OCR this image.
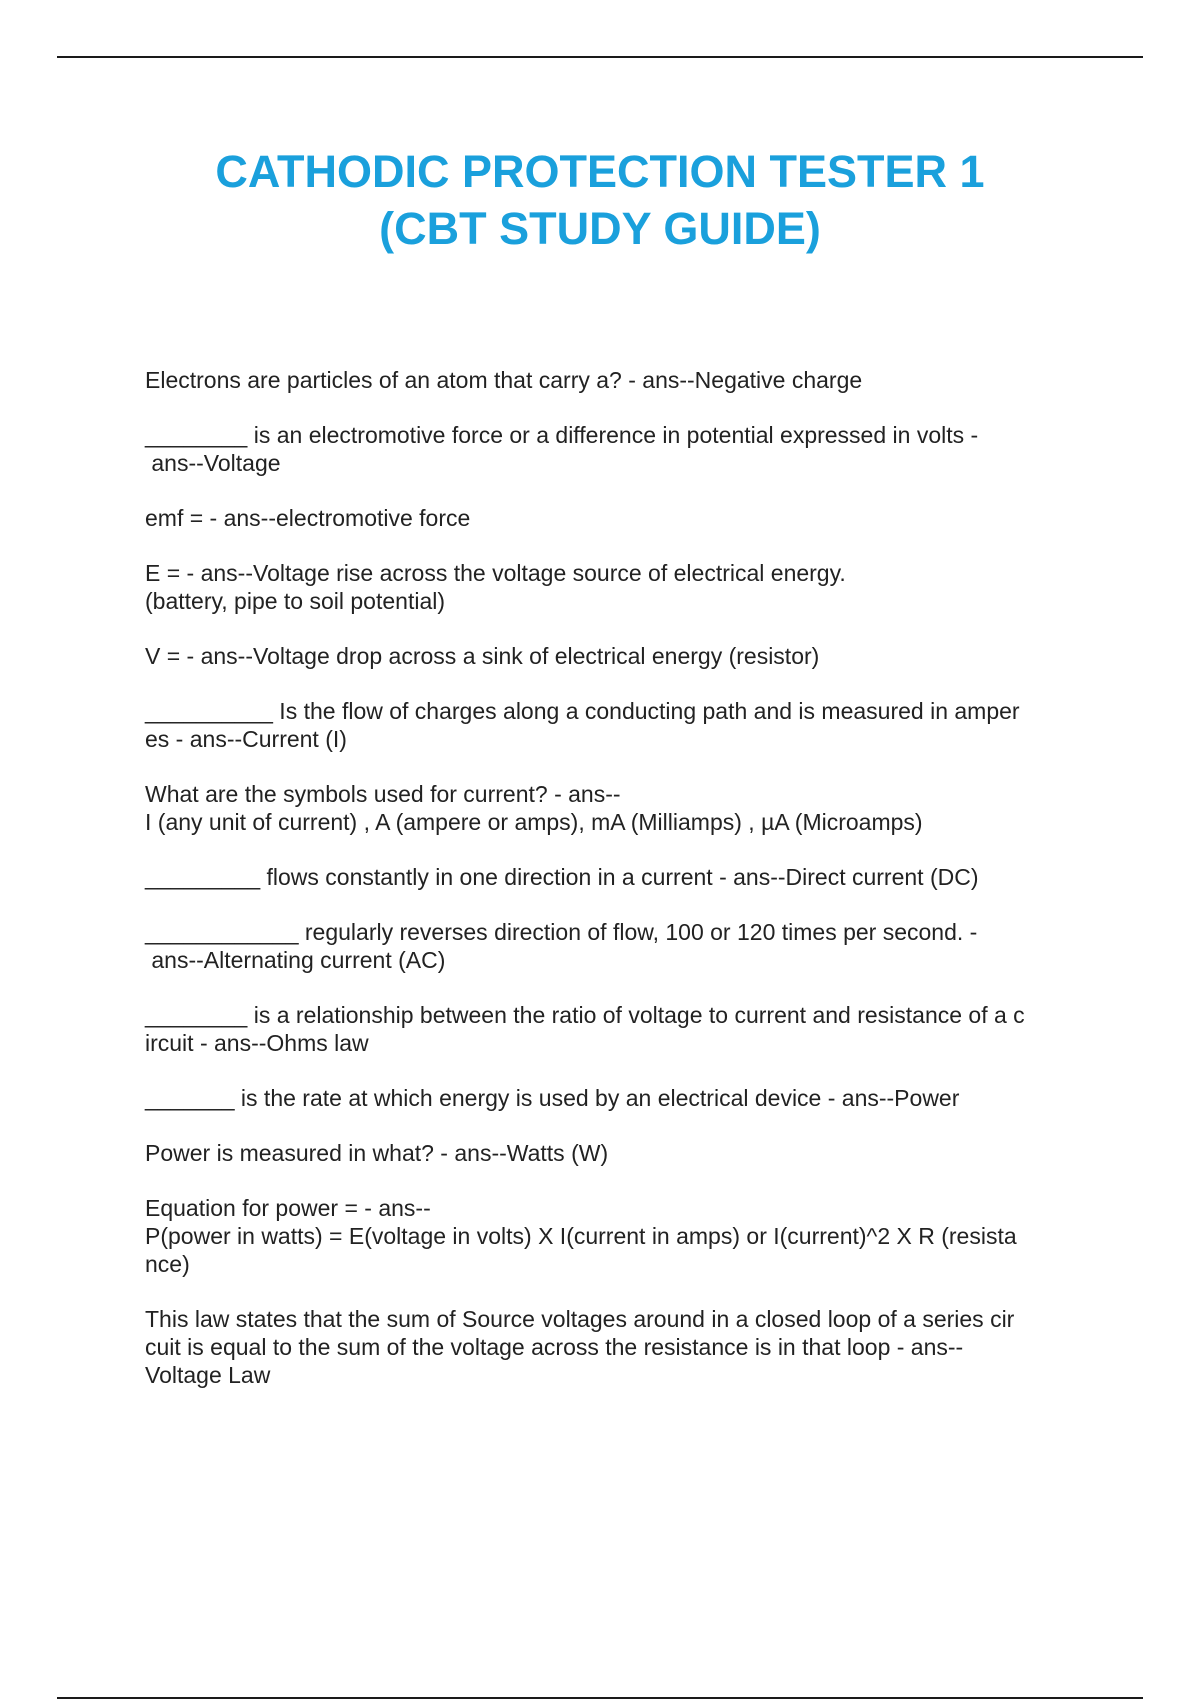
CATHODIC PROTECTION TESTER 1
(CBT STUDY GUIDE)

Electrons are particles of an atom that carry a? - ans--Negative charge

________ is an electromotive force or a difference in potential expressed in volts -
ans--Voltage

emf = - ans--electromotive force

E = - ans--Voltage rise across the voltage source of electrical energy.
(battery, pipe to soil potential)

V = - ans--Voltage drop across a sink of electrical energy (resistor)

__________ Is the flow of charges along a conducting path and is measured in amper
es - ans--Current (I)

What are the symbols used for current? - ans--
I (any unit of current) , A (ampere or amps), mA (Milliamps) , µA (Microamps)

_________ flows constantly in one direction in a current - ans--Direct current (DC)

____________ regularly reverses direction of flow, 100 or 120 times per second. -
ans--Alternating current (AC)

________ is a relationship between the ratio of voltage to current and resistance of a c
ircuit - ans--Ohms law

_______ is the rate at which energy is used by an electrical device - ans--Power

Power is measured in what? - ans--Watts (W)

Equation for power = - ans--
P(power in watts) = E(voltage in volts) X I(current in amps) or I(current)^2 X R (resista
nce)

This law states that the sum of Source voltages around in a closed loop of a series cir
cuit is equal to the sum of the voltage across the resistance is in that loop - ans--
Voltage Law
